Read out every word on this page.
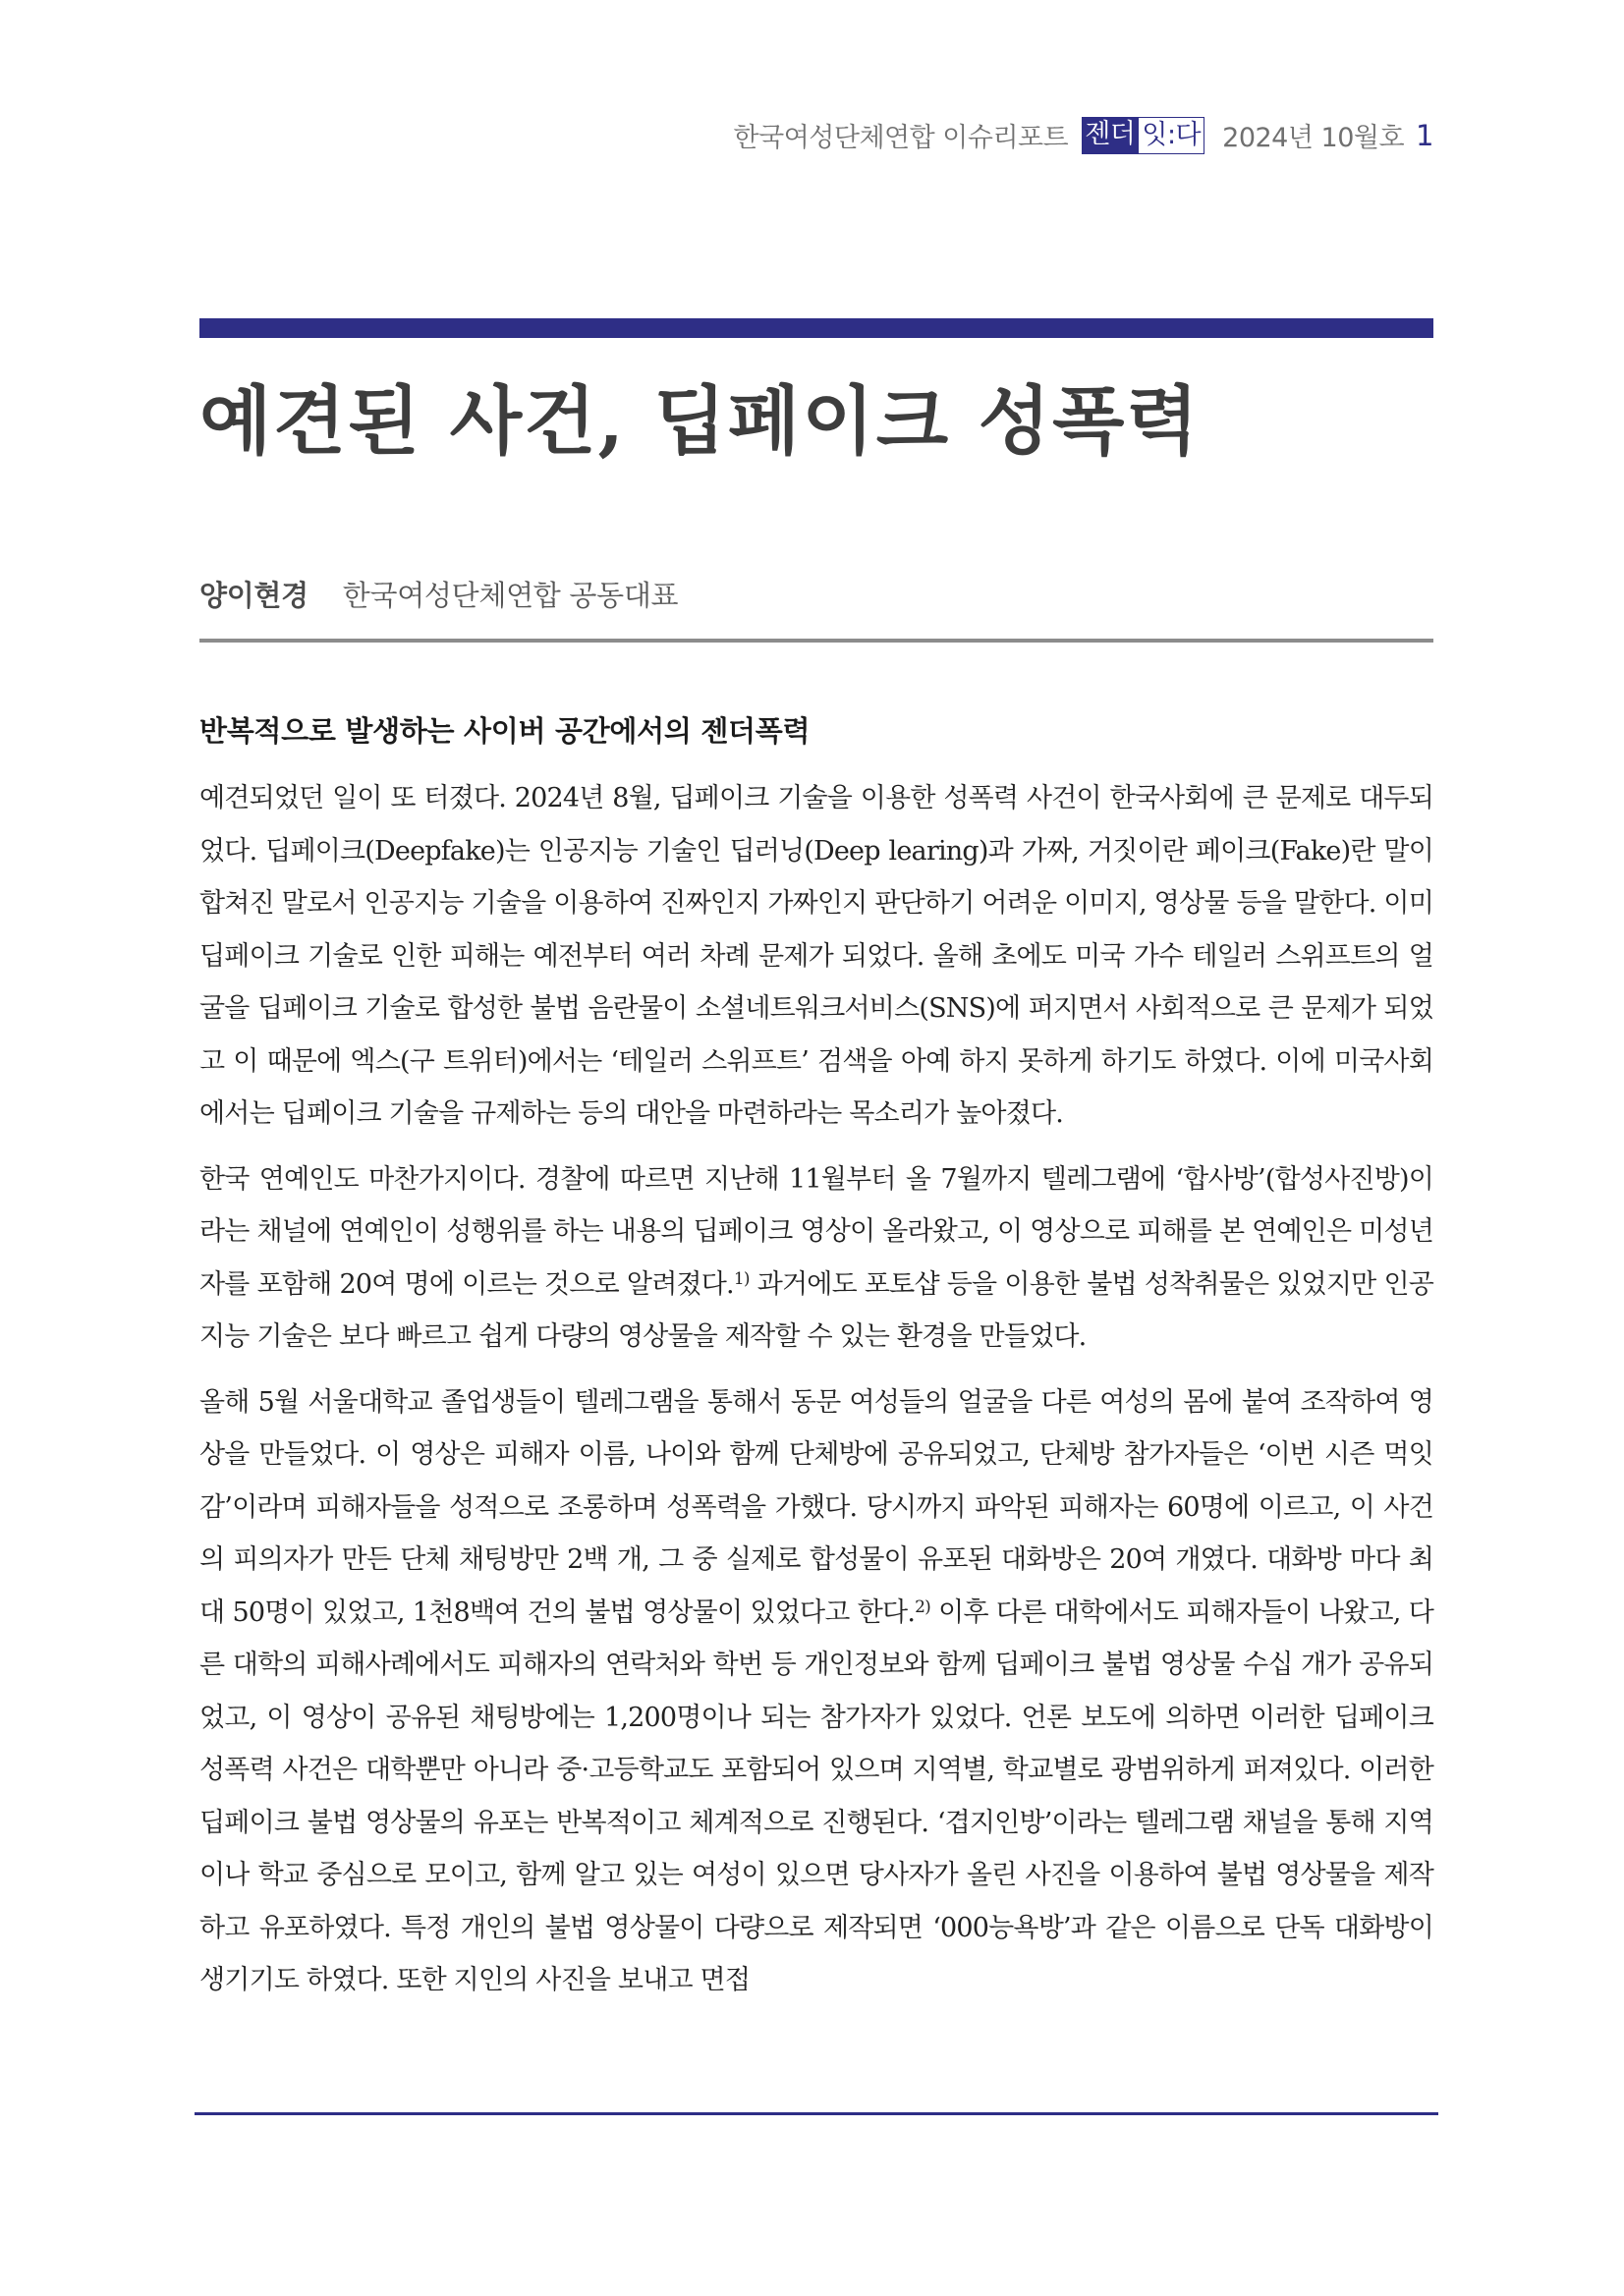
한국여성단체연합 이슈리포트 젠더 잇:다 2024년 10월호 1
예견된 사건, 딥페이크 성폭력
양이현경 한국여성단체연합 공동대표
반복적으로 발생하는 사이버 공간에서의 젠더폭력

예견되었던 일이 또 터졌다. 2024년 8월, 딥페이크 기술을 이용한 성폭력 사건이 한국사회에 큰 문제로 대두되었다. 딥페이크(Deepfake)는 인공지능 기술인 딥러닝(Deep learing)과 가짜, 거짓이란 페이크(Fake)란 말이 합쳐진 말로서 인공지능 기술을 이용하여 진짜인지 가짜인지 판단하기 어려운 이미지, 영상물 등을 말한다. 이미 딥페이크 기술로 인한 피해는 예전부터 여러 차례 문제가 되었다. 올해 초에도 미국 가수 테일러 스위프트의 얼굴을 딥페이크 기술로 합성한 불법 음란물이 소셜네트워크서비스(SNS)에 퍼지면서 사회적으로 큰 문제가 되었고 이 때문에 엑스(구 트위터)에서는 ‘테일러 스위프트’ 검색을 아예 하지 못하게 하기도 하였다. 이에 미국사회에서는 딥페이크 기술을 규제하는 등의 대안을 마련하라는 목소리가 높아졌다.

한국 연예인도 마찬가지이다. 경찰에 따르면 지난해 11월부터 올 7월까지 텔레그램에 ‘합사방’(합성사진방)이라는 채널에 연예인이 성행위를 하는 내용의 딥페이크 영상이 올라왔고, 이 영상으로 피해를 본 연예인은 미성년자를 포함해 20여 명에 이르는 것으로 알려졌다.$^{1)}$ 과거에도 포토샵 등을 이용한 불법 성착취물은 있었지만 인공지능 기술은 보다 빠르고 쉽게 다량의 영상물을 제작할 수 있는 환경을 만들었다.

올해 5월 서울대학교 졸업생들이 텔레그램을 통해서 동문 여성들의 얼굴을 다른 여성의 몸에 붙여 조작하여 영상을 만들었다. 이 영상은 피해자 이름, 나이와 함께 단체방에 공유되었고, 단체방 참가자들은 ‘이번 시즌 먹잇감’이라며 피해자들을 성적으로 조롱하며 성폭력을 가했다. 당시까지 파악된 피해자는 60명에 이르고, 이 사건의 피의자가 만든 단체 채팅방만 2백 개, 그 중 실제로 합성물이 유포된 대화방은 20여 개였다. 대화방 마다 최대 50명이 있었고, 1천8백여 건의 불법 영상물이 있었다고 한다.$^{2)}$ 이후 다른 대학에서도 피해자들이 나왔고, 다른 대학의 피해사례에서도 피해자의 연락처와 학번 등 개인정보와 함께 딥페이크 불법 영상물 수십 개가 공유되었고, 이 영상이 공유된 채팅방에는 1,200명이나 되는 참가자가 있었다. 언론 보도에 의하면 이러한 딥페이크 성폭력 사건은 대학뿐만 아니라 중·고등학교도 포함되어 있으며 지역별, 학교별로 광범위하게 퍼져있다. 이러한 딥페이크 불법 영상물의 유포는 반복적이고 체계적으로 진행된다. ‘겹지인방’이라는 텔레그램 채널을 통해 지역이나 학교 중심으로 모이고, 함께 알고 있는 여성이 있으면 당사자가 올린 사진을 이용하여 불법 영상물을 제작하고 유포하였다. 특정 개인의 불법 영상물이 다량으로 제작되면 ‘000능욕방’과 같은 이름으로 단독 대화방이 생기기도 하였다. 또한 지인의 사진을 보내고 면접
